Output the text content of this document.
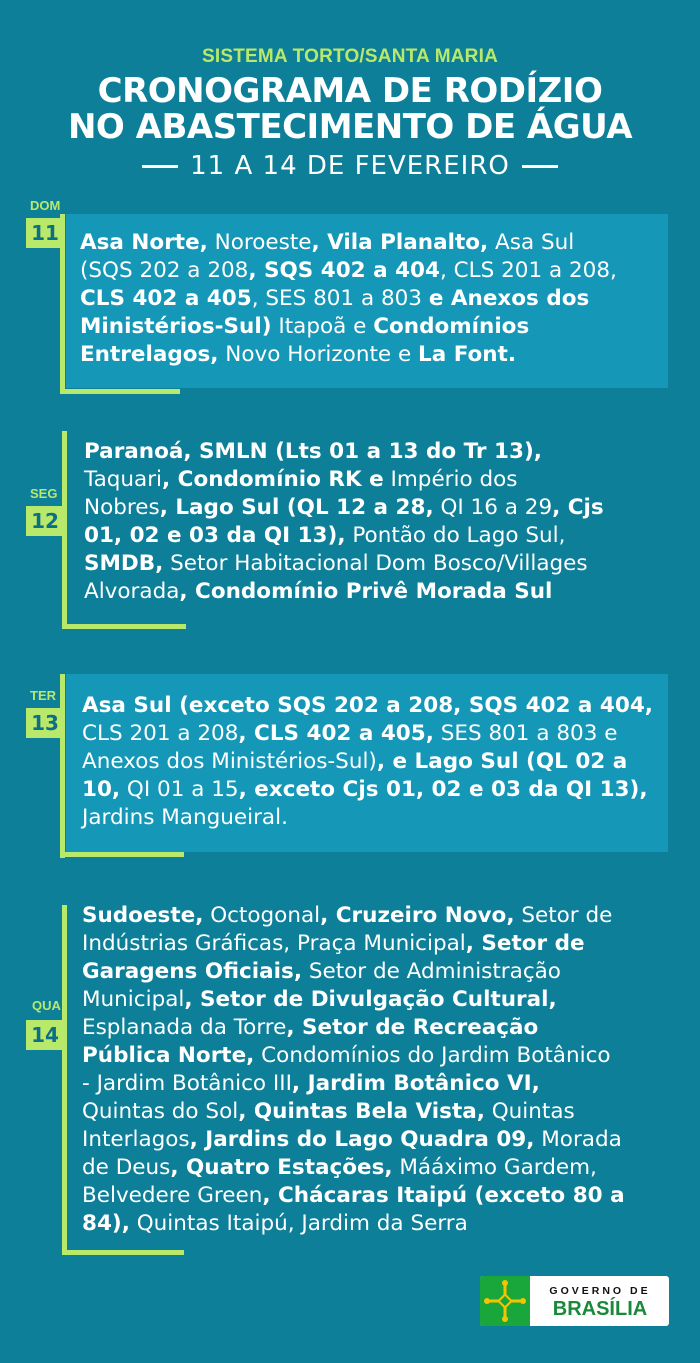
SISTEMA TORTO/SANTA MARIA
CRONOGRAMA DE RODÍZIO
NO ABASTECIMENTO DE ÁGUA
11 A 14 DE FEVEREIRO
DOM
11 Asa Norte, Noroeste, Vila Planalto, Asa Sul
(SQS 202 a 208, SQS 402 a 404, CLS 201 a 208,
CLS 402 a 405, SES 801 a 803 e Anexos dos
Ministérios-Sul) Itapoã e Condomínios
Entrelagos, Novo Horizonte e La Font.
SEG
12
Paranoá, SMLN (Lts 01 a 13 do Tr 13),
Taquari, Condomínio RK e Império dos
Nobres, Lago Sul (QL 12 a 28, QI 16 a 29, Cjs
01, 02 e 03 da QI 13), Pontão do Lago Sul,
SMDB, Setor Habitacional Dom Bosco/Villages
Alvorada, Condomínio Privê Morada Sul
TER
13
Asa Sul (exceto SQS 202 a 208, SQS 402 a 404,
CLS 201 a 208, CLS 402 a 405, SES 801 a 803 e
Anexos dos Ministérios-Sul), e Lago Sul (QL 02 a
10, QI 01 a 15, exceto Cjs 01, 02 e 03 da QI 13),
Jardins Mangueiral.
QUA
14
Sudoeste, Octogonal, Cruzeiro Novo, Setor de
Indústrias Gráficas, Praça Municipal, Setor de
Garagens Oficiais, Setor de Administração
Municipal, Setor de Divulgação Cultural,
Esplanada da Torre, Setor de Recreação
Pública Norte, Condomínios do Jardim Botânico
- Jardim Botânico III, Jardim Botânico VI,
Quintas do Sol, Quintas Bela Vista, Quintas
Interlagos, Jardins do Lago Quadra 09, Morada
de Deus, Quatro Estações, Mááximo Gardem,
Belvedere Green, Chácaras Itaipú (exceto 80 a
84), Quintas Itaipú, Jardim da Serra
GOVERNO DE
BRASÍLIA
